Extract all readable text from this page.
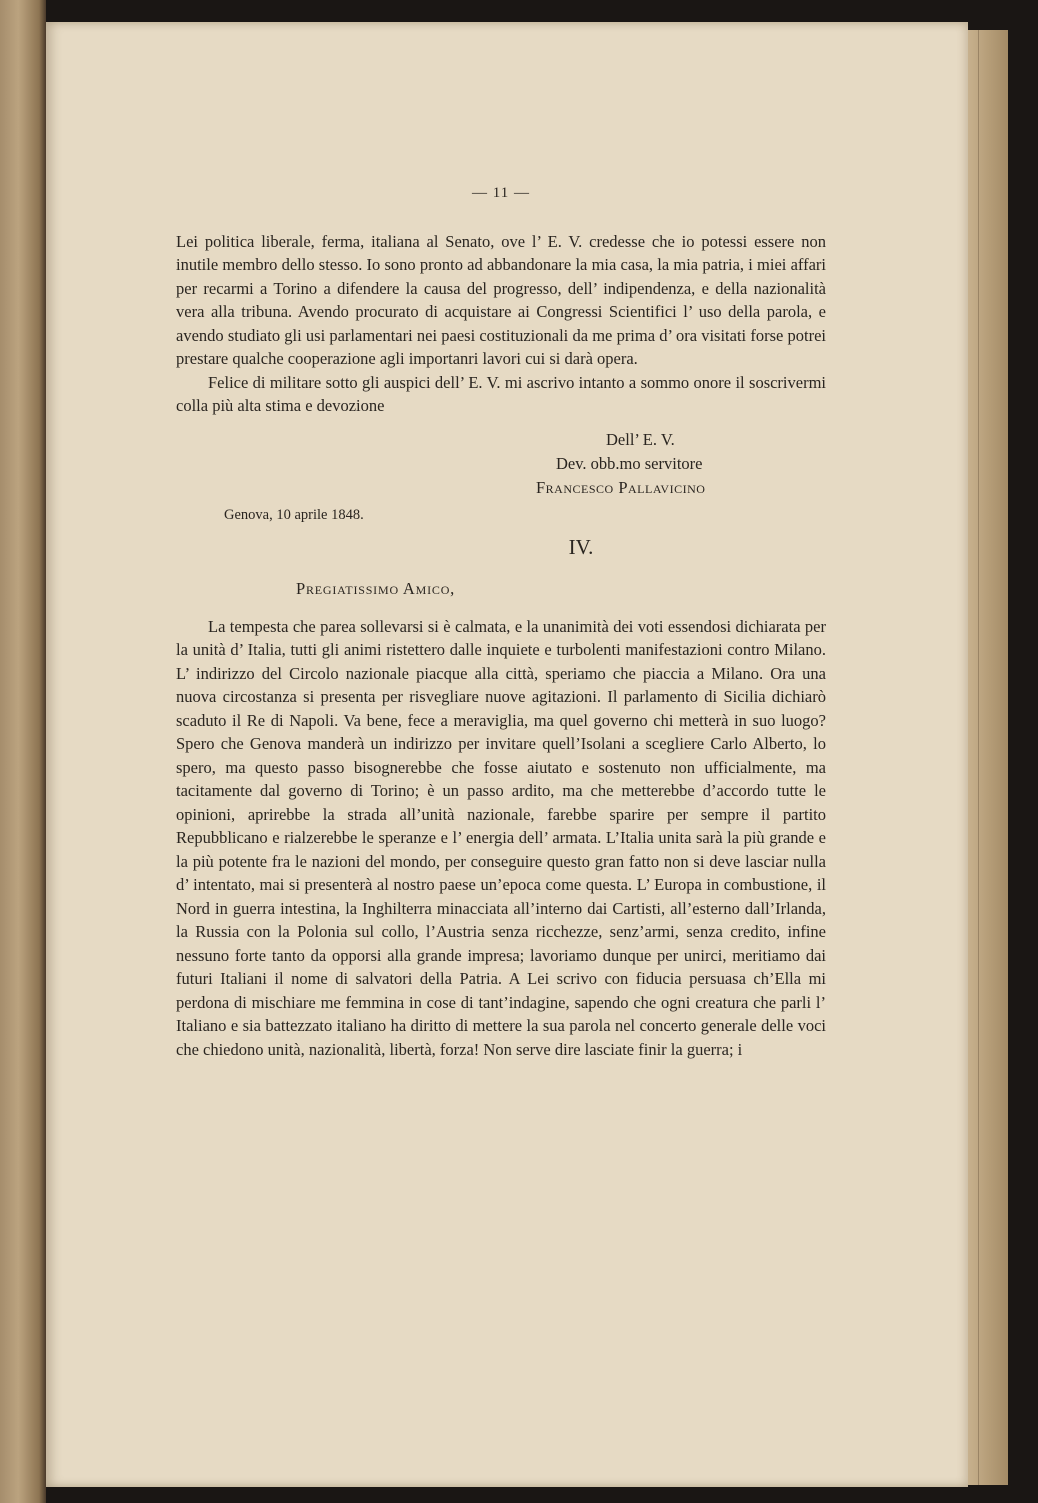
— 11 —

Lei politica liberale, ferma, italiana al Senato, ove l’ E. V. credesse che io potessi essere non inutile membro dello stesso. Io sono pronto ad abbandonare la mia casa, la mia patria, i miei affari per recarmi a Torino a difendere la causa del progresso, dell’ indipendenza, e della nazionalità vera alla tribuna. Avendo procurato di acquistare ai Congressi Scientifici l’ uso della parola, e avendo studiato gli usi parlamentari nei paesi costituzionali da me prima d’ ora visitati forse potrei prestare qualche cooperazione agli importanri lavori cui si darà opera.

Felice di militare sotto gli auspici dell’ E. V. mi ascrivo intanto a sommo onore il soscrivermi colla più alta stima e devozione

Dell’ E. V.
Dev. obb.mo servitore
Francesco Pallavicino
Genova, 10 aprile 1848.
IV.
Pregiatissimo Amico,

La tempesta che parea sollevarsi si è calmata, e la unanimità dei voti essendosi dichiarata per la unità d’ Italia, tutti gli animi ristettero dalle inquiete e turbolenti manifestazioni contro Milano. L’ indirizzo del Circolo nazionale piacque alla città, speriamo che piaccia a Milano. Ora una nuova circostanza si presenta per risvegliare nuove agitazioni. Il parlamento di Sicilia dichiarò scaduto il Re di Napoli. Va bene, fece a meraviglia, ma quel governo chi metterà in suo luogo? Spero che Genova manderà un indirizzo per invitare quell’Isolani a scegliere Carlo Alberto, lo spero, ma questo passo bisognerebbe che fosse aiutato e sostenuto non ufficialmente, ma tacitamente dal governo di Torino; è un passo ardito, ma che metterebbe d’accordo tutte le opinioni, aprirebbe la strada all’unità nazionale, farebbe sparire per sempre il partito Repubblicano e rialzerebbe le speranze e l’ energia dell’ armata. L’Italia unita sarà la più grande e la più potente fra le nazioni del mondo, per conseguire questo gran fatto non si deve lasciar nulla d’ intentato, mai si presenterà al nostro paese un’epoca come questa. L’ Europa in combustione, il Nord in guerra intestina, la Inghilterra minacciata all’interno dai Cartisti, all’esterno dall’Irlanda, la Russia con la Polonia sul collo, l’Austria senza ricchezze, senz’armi, senza credito, infine nessuno forte tanto da opporsi alla grande impresa; lavoriamo dunque per unirci, meritiamo dai futuri Italiani il nome di salvatori della Patria. A Lei scrivo con fiducia persuasa ch’Ella mi perdona di mischiare me femmina in cose di tant’indagine, sapendo che ogni creatura che parli l’ Italiano e sia battezzato italiano ha diritto di mettere la sua parola nel concerto generale delle voci che chiedono unità, nazionalità, libertà, forza! Non serve dire lasciate finir la guerra; i
